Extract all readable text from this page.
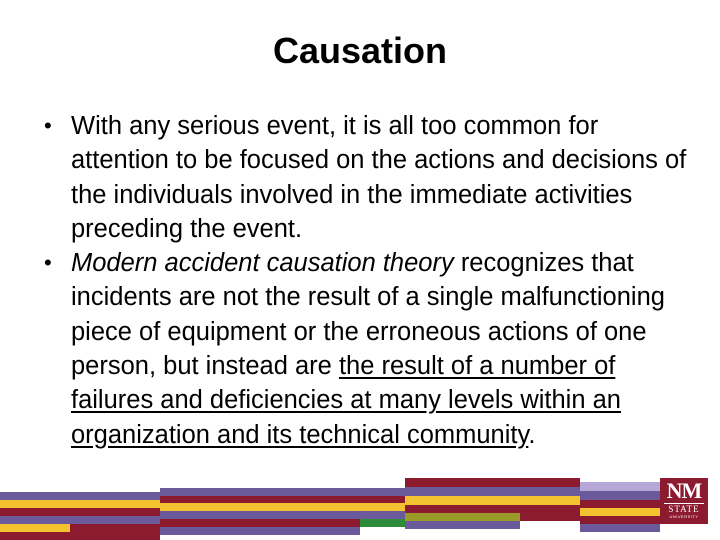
Causation
• With any serious event, it is all too common for attention to be focused on the actions and decisions of the individuals involved in the immediate activities preceding the event.
• Modern accident causation theory recognizes that incidents are not the result of a single malfunctioning piece of equipment or the erroneous actions of one person, but instead are the result of a number of failures and deficiencies at many levels within an organization and its technical community.
NM
STATE
UNIVERSITY
